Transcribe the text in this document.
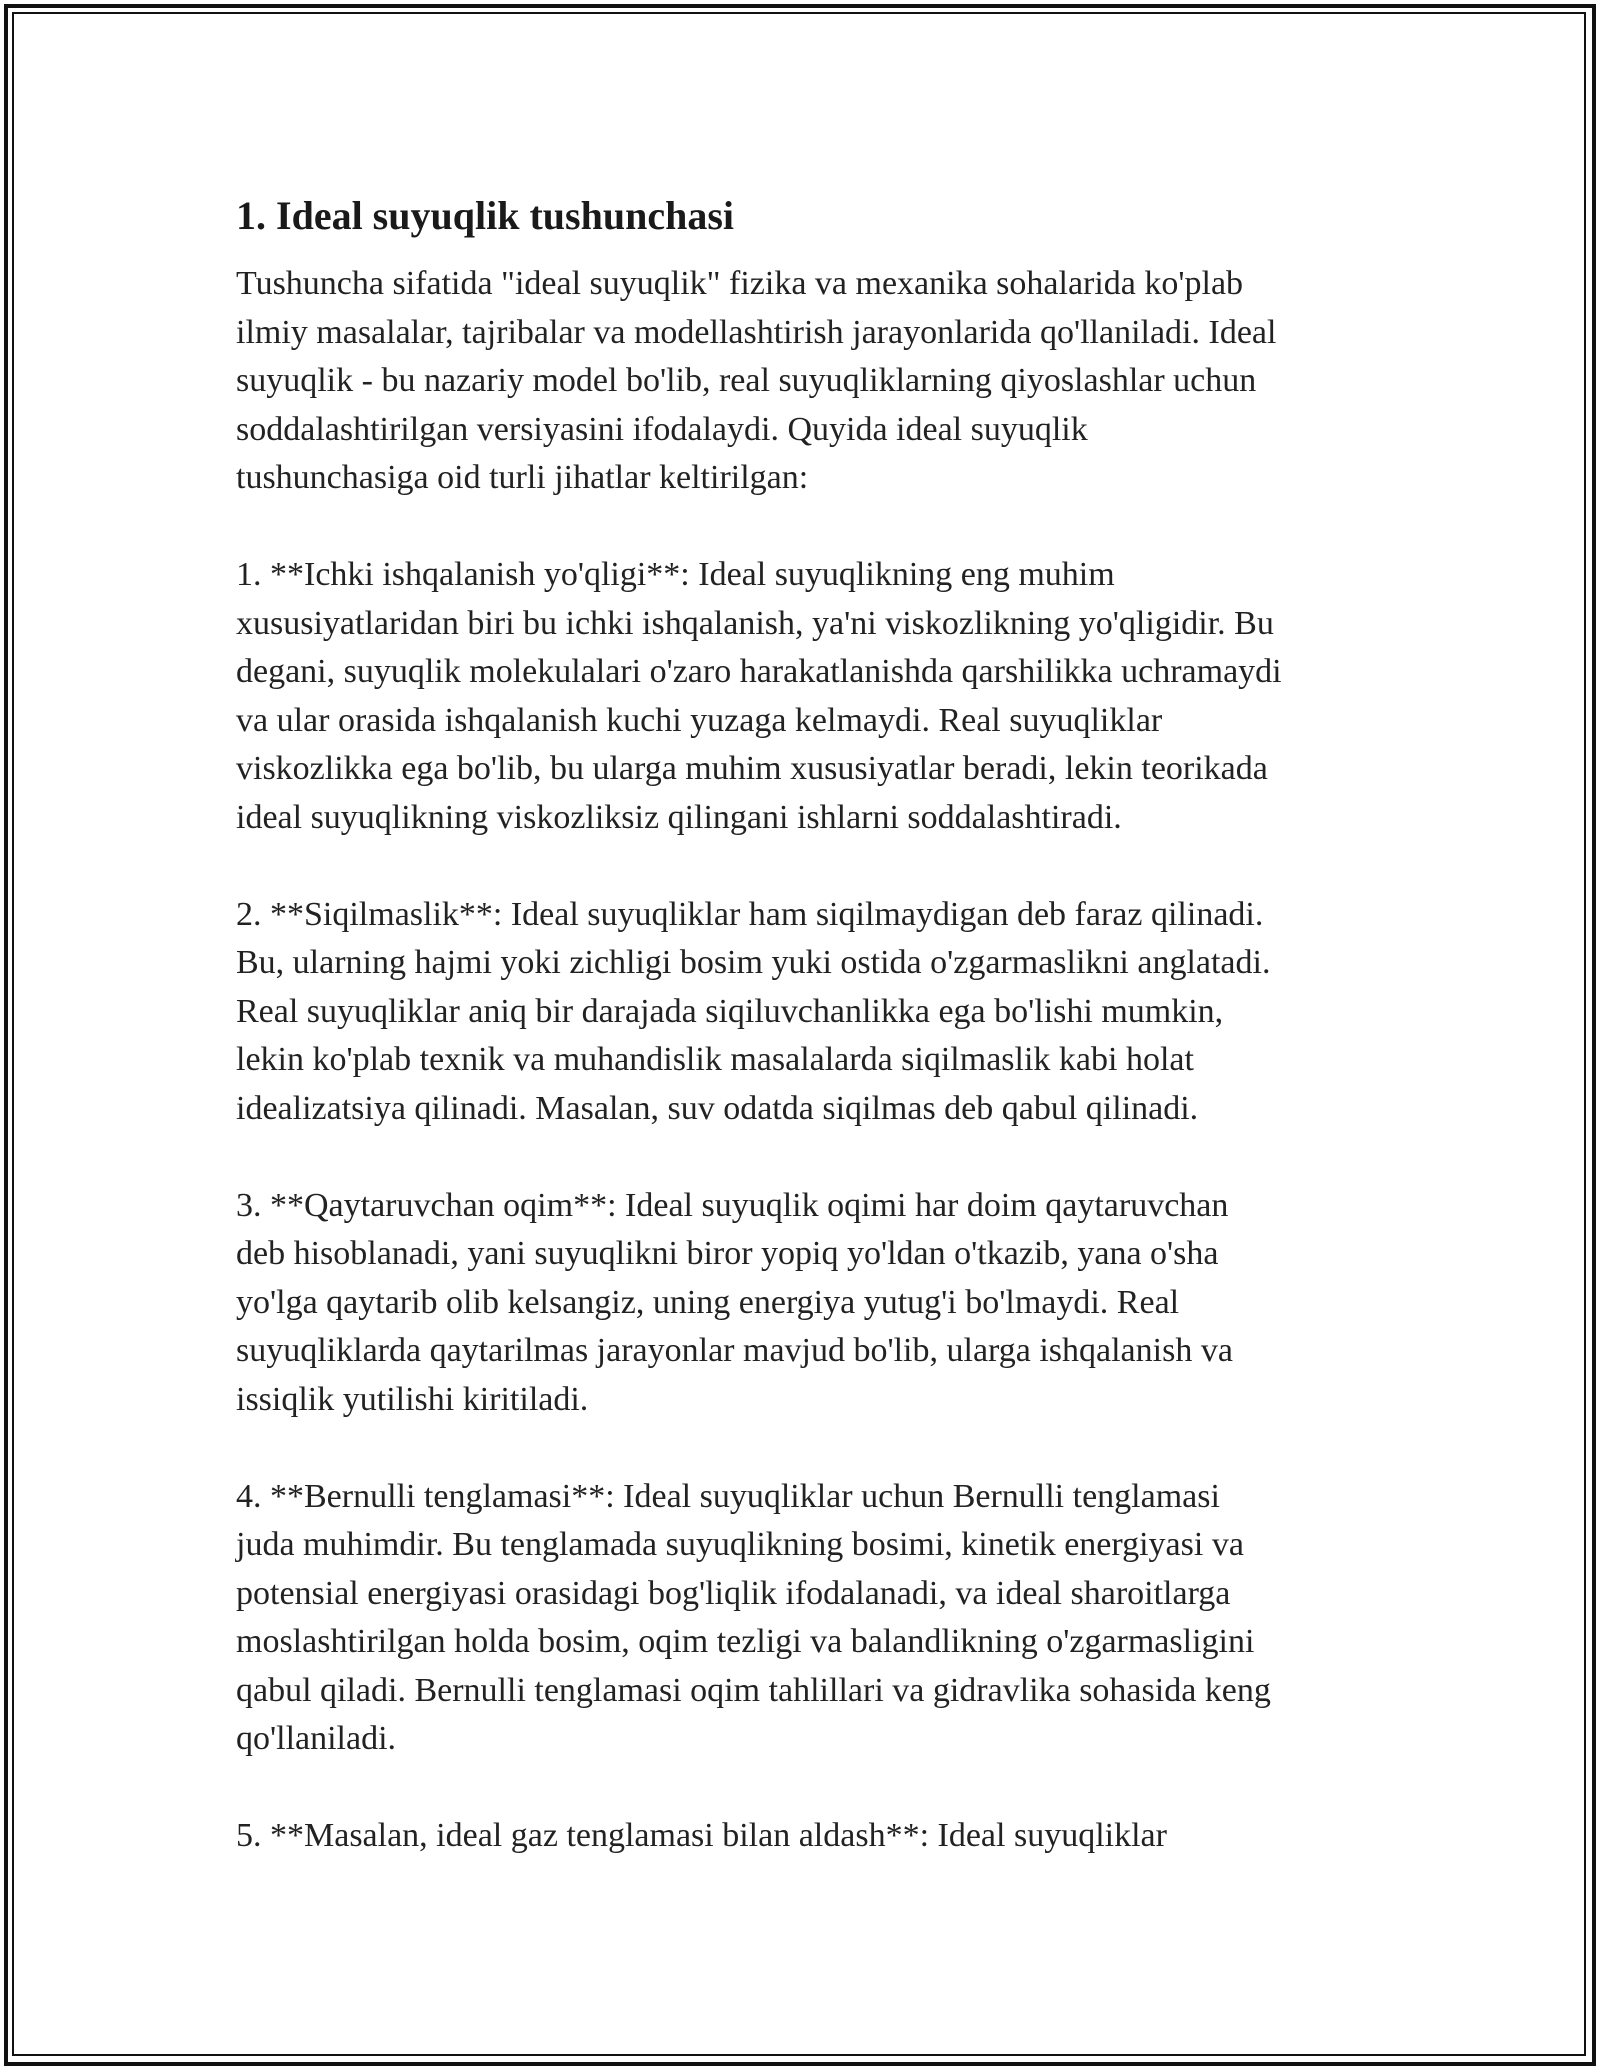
1. Ideal suyuqlik tushunchasi

Tushuncha sifatida "ideal suyuqlik" fizika va mexanika sohalarida ko'plab
ilmiy masalalar, tajribalar va modellashtirish jarayonlarida qo'llaniladi. Ideal
suyuqlik - bu nazariy model bo'lib, real suyuqliklarning qiyoslashlar uchun
soddalashtirilgan versiyasini ifodalaydi. Quyida ideal suyuqlik
tushunchasiga oid turli jihatlar keltirilgan:

1. **Ichki ishqalanish yo'qligi**: Ideal suyuqlikning eng muhim
xususiyatlaridan biri bu ichki ishqalanish, ya'ni viskozlikning yo'qligidir. Bu
degani, suyuqlik molekulalari o'zaro harakatlanishda qarshilikka uchramaydi
va ular orasida ishqalanish kuchi yuzaga kelmaydi. Real suyuqliklar
viskozlikka ega bo'lib, bu ularga muhim xususiyatlar beradi, lekin teorikada
ideal suyuqlikning viskozliksiz qilingani ishlarni soddalashtiradi.

2. **Siqilmaslik**: Ideal suyuqliklar ham siqilmaydigan deb faraz qilinadi.
Bu, ularning hajmi yoki zichligi bosim yuki ostida o'zgarmaslikni anglatadi.
Real suyuqliklar aniq bir darajada siqiluvchanlikka ega bo'lishi mumkin,
lekin ko'plab texnik va muhandislik masalalarda siqilmaslik kabi holat
idealizatsiya qilinadi. Masalan, suv odatda siqilmas deb qabul qilinadi.

3. **Qaytaruvchan oqim**: Ideal suyuqlik oqimi har doim qaytaruvchan
deb hisoblanadi, yani suyuqlikni biror yopiq yo'ldan o'tkazib, yana o'sha
yo'lga qaytarib olib kelsangiz, uning energiya yutug'i bo'lmaydi. Real
suyuqliklarda qaytarilmas jarayonlar mavjud bo'lib, ularga ishqalanish va
issiqlik yutilishi kiritiladi.

4. **Bernulli tenglamasi**: Ideal suyuqliklar uchun Bernulli tenglamasi
juda muhimdir. Bu tenglamada suyuqlikning bosimi, kinetik energiyasi va
potensial energiyasi orasidagi bog'liqlik ifodalanadi, va ideal sharoitlarga
moslashtirilgan holda bosim, oqim tezligi va balandlikning o'zgarmasligini
qabul qiladi. Bernulli tenglamasi oqim tahlillari va gidravlika sohasida keng
qo'llaniladi.

5. **Masalan, ideal gaz tenglamasi bilan aldash**: Ideal suyuqliklar
